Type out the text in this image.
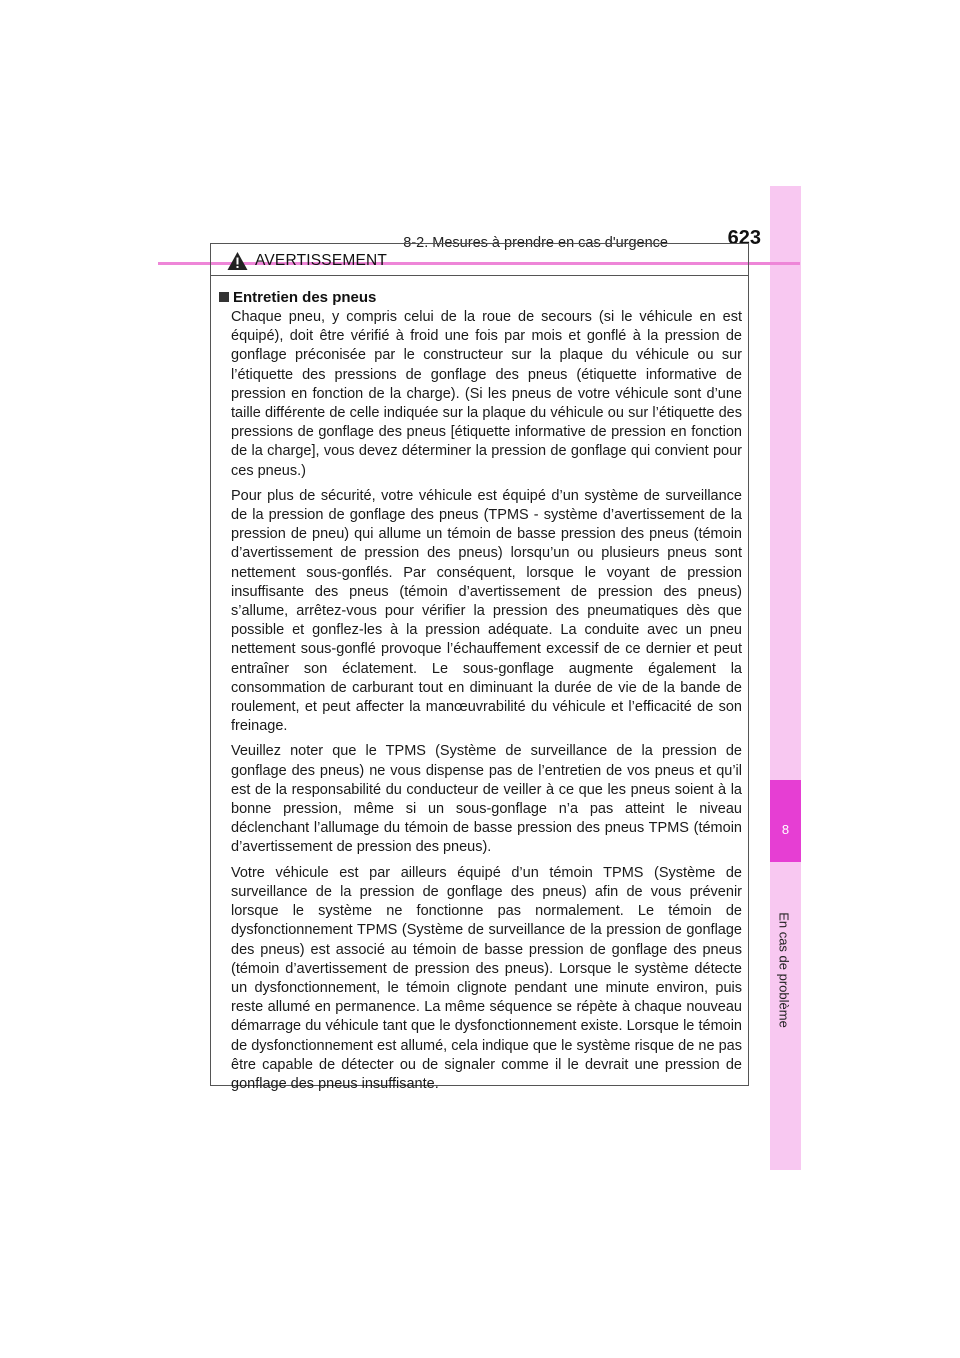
8
En cas de problème
8-2. Mesures à prendre en cas d'urgence	623
AVERTISSEMENT
Entretien des pneus

Chaque pneu, y compris celui de la roue de secours (si le véhicule en est équipé), doit être vérifié à froid une fois par mois et gonflé à la pression de gonflage préconisée par le constructeur sur la plaque du véhicule ou sur l’étiquette des pressions de gonflage des pneus (étiquette informative de pression en fonction de la charge). (Si les pneus de votre véhicule sont d’une taille différente de celle indiquée sur la plaque du véhicule ou sur l’étiquette des pressions de gonflage des pneus [étiquette informative de pression en fonction de la charge], vous devez déterminer la pression de gonflage qui convient pour ces pneus.)

Pour plus de sécurité, votre véhicule est équipé d’un système de surveillance de la pression de gonflage des pneus (TPMS - système d’avertissement de la pression de pneu) qui allume un témoin de basse pression des pneus (témoin d’avertissement de pression des pneus) lorsqu’un ou plusieurs pneus sont nettement sous-gonflés. Par conséquent, lorsque le voyant de pression insuffisante des pneus (témoin d’avertissement de pression des pneus) s’allume, arrêtez-vous pour vérifier la pression des pneumatiques dès que possible et gonflez-les à la pression adéquate. La conduite avec un pneu nettement sous-gonflé provoque l’échauffement excessif de ce dernier et peut entraîner son éclatement. Le sous-gonflage augmente également la consommation de carburant tout en diminuant la durée de vie de la bande de roulement, et peut affecter la manœuvrabilité du véhicule et l’efficacité de son freinage.

Veuillez noter que le TPMS (Système de surveillance de la pression de gonflage des pneus) ne vous dispense pas de l’entretien de vos pneus et qu’il est de la responsabilité du conducteur de veiller à ce que les pneus soient à la bonne pression, même si un sous-gonflage n’a pas atteint le niveau déclenchant l’allumage du témoin de basse pression des pneus TPMS (témoin d’avertissement de pression des pneus).

Votre véhicule est par ailleurs équipé d’un témoin TPMS (Système de surveillance de la pression de gonflage des pneus) afin de vous prévenir lorsque le système ne fonctionne pas normalement. Le témoin de dysfonctionnement TPMS (Système de surveillance de la pression de gonflage des pneus) est associé au témoin de basse pression de gonflage des pneus (témoin d’avertissement de pression des pneus). Lorsque le système détecte un dysfonctionnement, le témoin clignote pendant une minute environ, puis reste allumé en permanence. La même séquence se répète à chaque nouveau démarrage du véhicule tant que le dysfonctionnement existe. Lorsque le témoin de dysfonctionnement est allumé, cela indique que le système risque de ne pas être capable de détecter ou de signaler comme il le devrait une pression de gonflage des pneus insuffisante.
